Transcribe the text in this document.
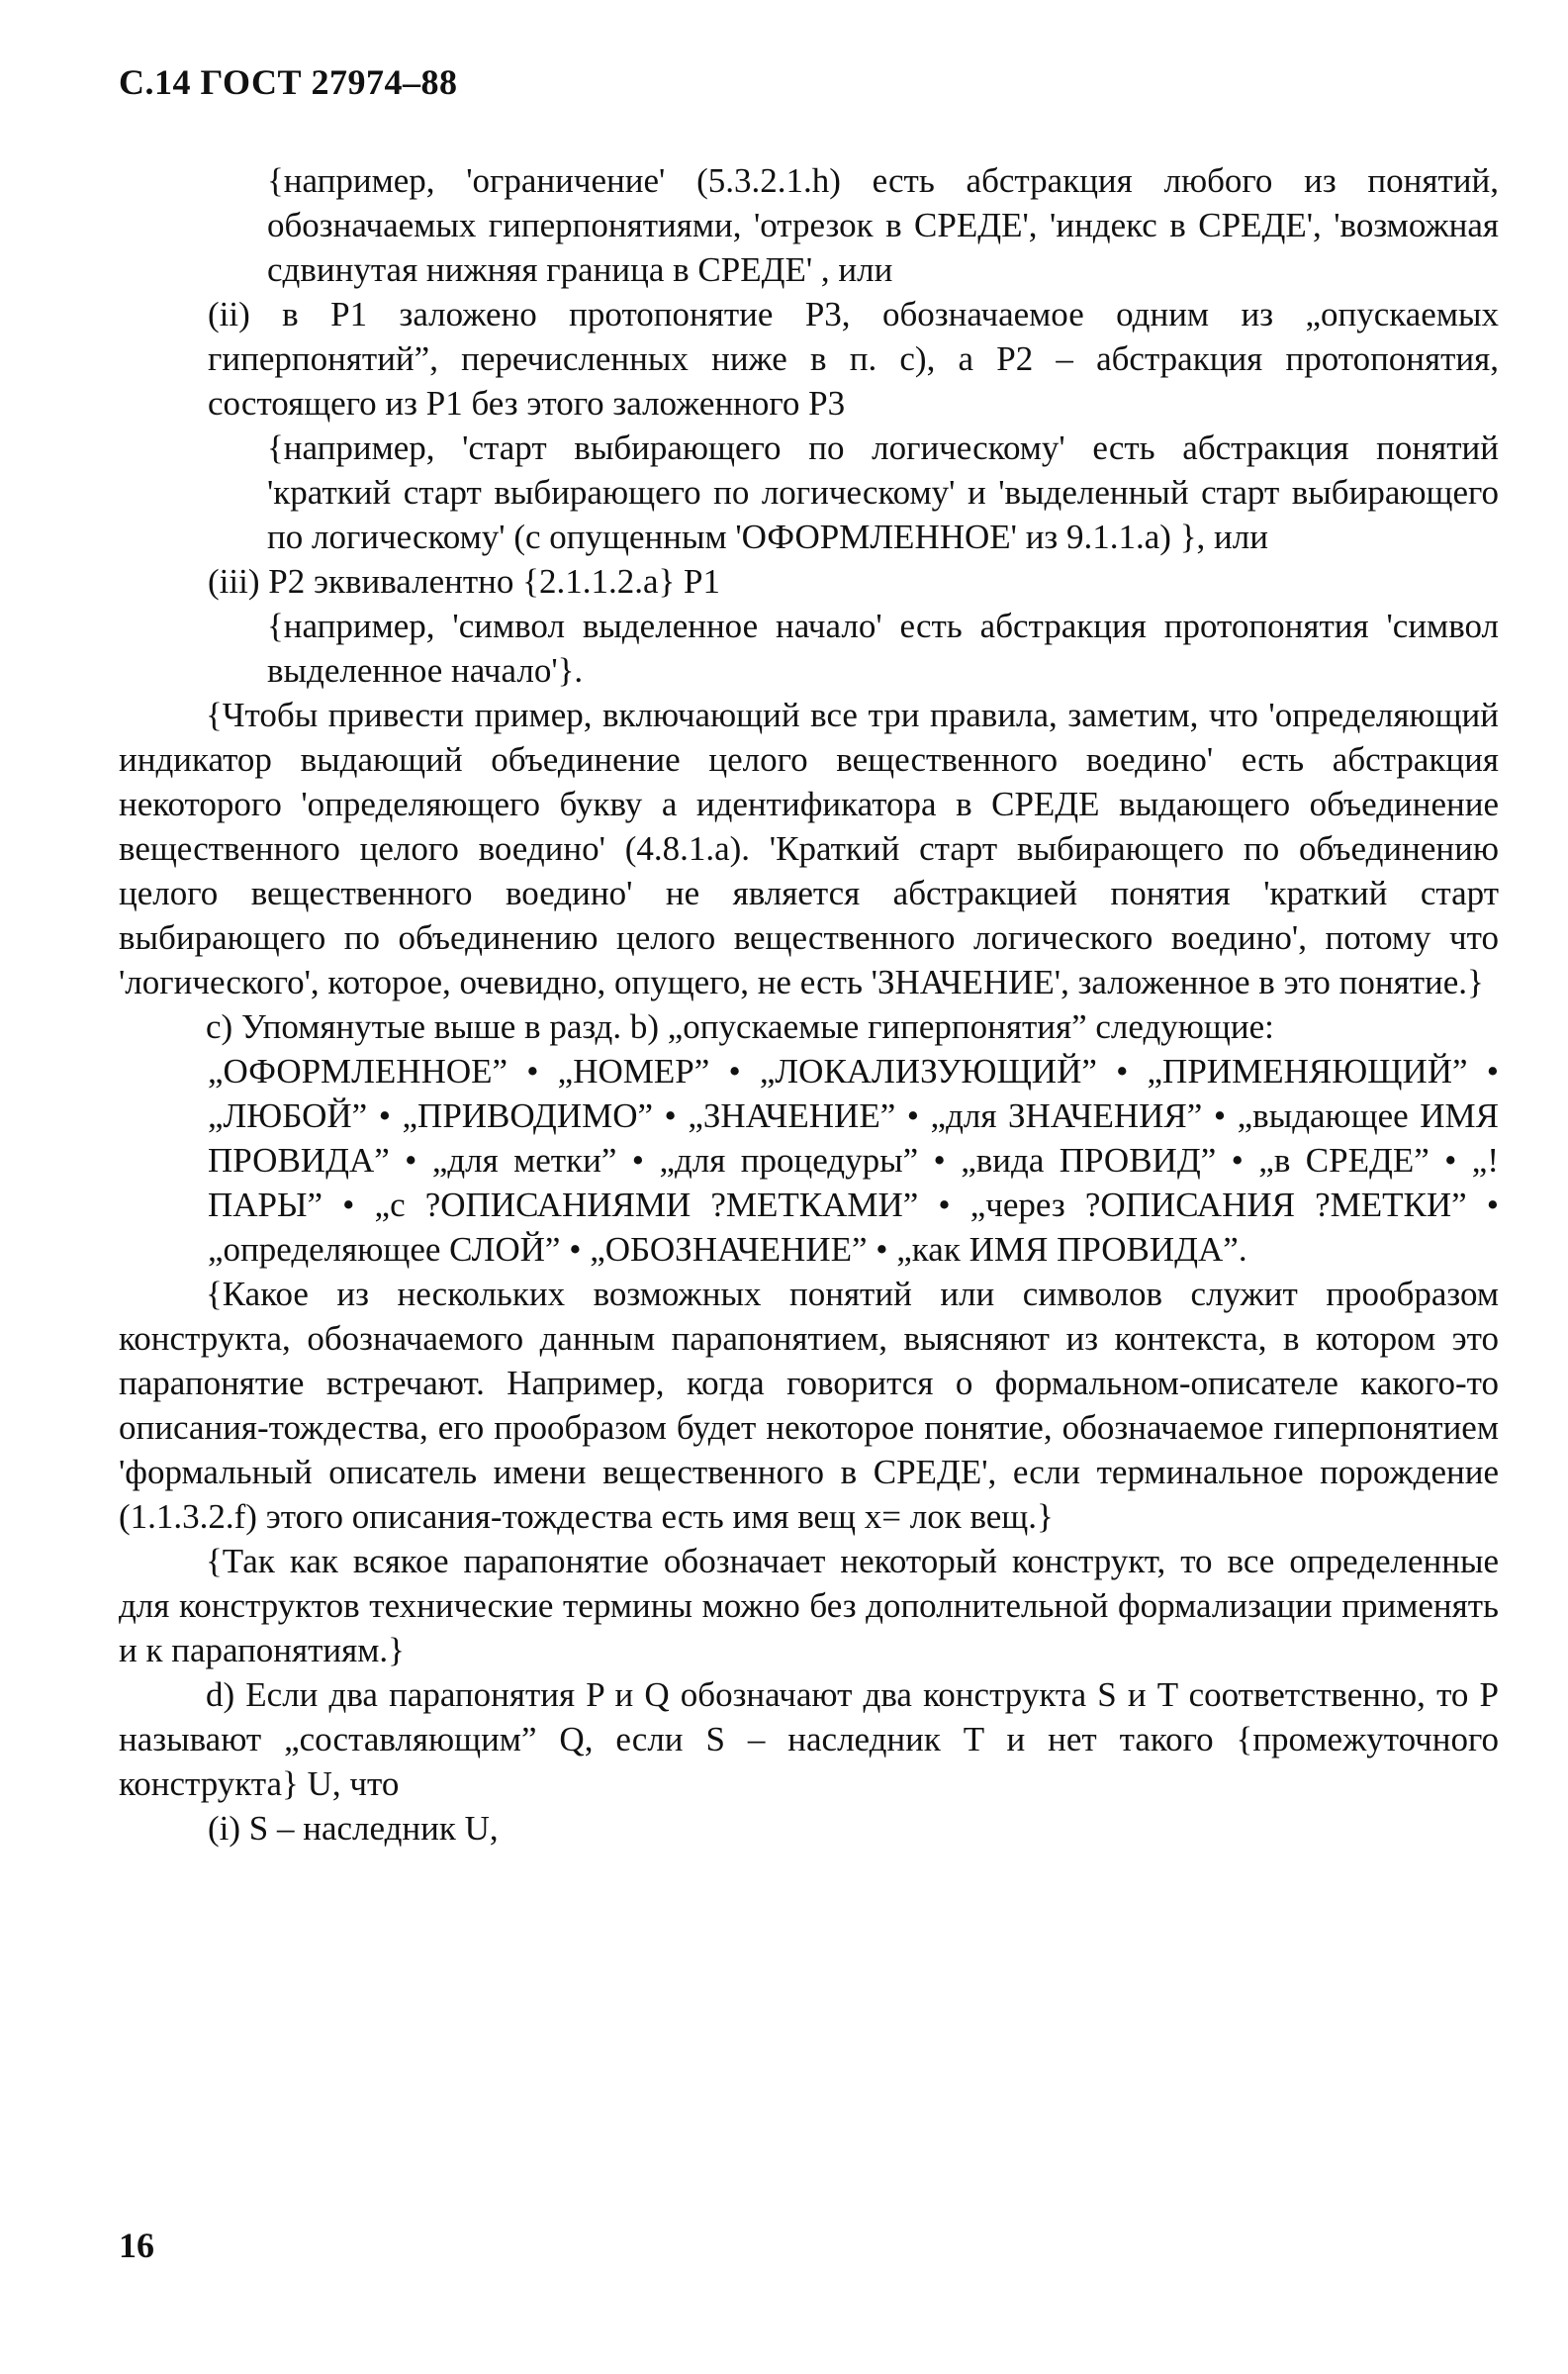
С.14 ГОСТ 27974–88

{например, 'ограничение' (5.3.2.1.h) есть абстракция любого из понятий, обозначаемых гиперпонятиями, 'отрезок в СРЕДЕ', 'индекс в СРЕДЕ', 'возможная сдвинутая нижняя граница в СРЕДЕ' , или

(ii) в P1 заложено протопонятие P3, обозначаемое одним из „опускаемых гиперпонятий”, перечисленных ниже в п. c), а P2 – абстракция протопонятия, состоящего из P1 без этого заложенного P3

{например, 'старт выбирающего по логическому' есть абстракция понятий 'краткий старт выбирающего по логическому' и 'выделенный старт выбирающего по логическому' (с опущенным 'ОФОРМЛЕННОЕ' из 9.1.1.a) }, или

(iii) P2 эквивалентно {2.1.1.2.a} P1

{например, 'символ выделенное начало' есть абстракция протопонятия 'символ выделенное начало'}.

{Чтобы привести пример, включающий все три правила, заметим, что 'определяющий индикатор выдающий объединение целого вещественного воедино' есть абстракция некоторого 'определяющего букву а идентификатора в СРЕДЕ выдающего объединение вещественного целого воедино' (4.8.1.a). 'Краткий старт выбирающего по объединению целого вещественного воедино' не является абстракцией понятия 'краткий старт выбирающего по объединению целого вещественного логического воедино', потому что 'логического', которое, очевидно, опущего, не есть 'ЗНАЧЕНИЕ', заложенное в это понятие.}

c) Упомянутые выше в разд. b) „опускаемые гиперпонятия” следующие:

„ОФОРМЛЕННОЕ” • „НОМЕР” • „ЛОКАЛИЗУЮЩИЙ” • „ПРИМЕНЯЮЩИЙ” • „ЛЮБОЙ” • „ПРИВОДИМО” • „ЗНАЧЕНИЕ” • „для ЗНАЧЕНИЯ” • „выдающее ИМЯ ПРОВИДА” • „для метки” • „для процедуры” • „вида ПРОВИД” • „в СРЕДЕ” • „!ПАРЫ” • „с ?ОПИСАНИЯМИ ?МЕТКАМИ” • „через ?ОПИСАНИЯ ?МЕТКИ” • „определяющее СЛОЙ” • „ОБОЗНАЧЕНИЕ” • „как ИМЯ ПРОВИДА”.

{Какое из нескольких возможных понятий или символов служит прообразом конструкта, обозначаемого данным парапонятием, выясняют из контекста, в котором это парапонятие встречают. Например, когда говорится о формальном-описателе какого-то описания-тождества, его прообразом будет некоторое понятие, обозначаемое гиперпонятием 'формальный описатель имени вещественного в СРЕДЕ', если терминальное порождение (1.1.3.2.f) этого описания-тождества есть имя вещ x= лок вещ.}

{Так как всякое парапонятие обозначает некоторый конструкт, то все определенные для конструктов технические термины можно без дополнительной формализации применять и к парапонятиям.}

d) Если два парапонятия P и Q обозначают два конструкта S и T соответственно, то P называют „составляющим” Q, если S – наследник T и нет такого {промежуточного конструкта} U, что

(i) S – наследник U,

16
